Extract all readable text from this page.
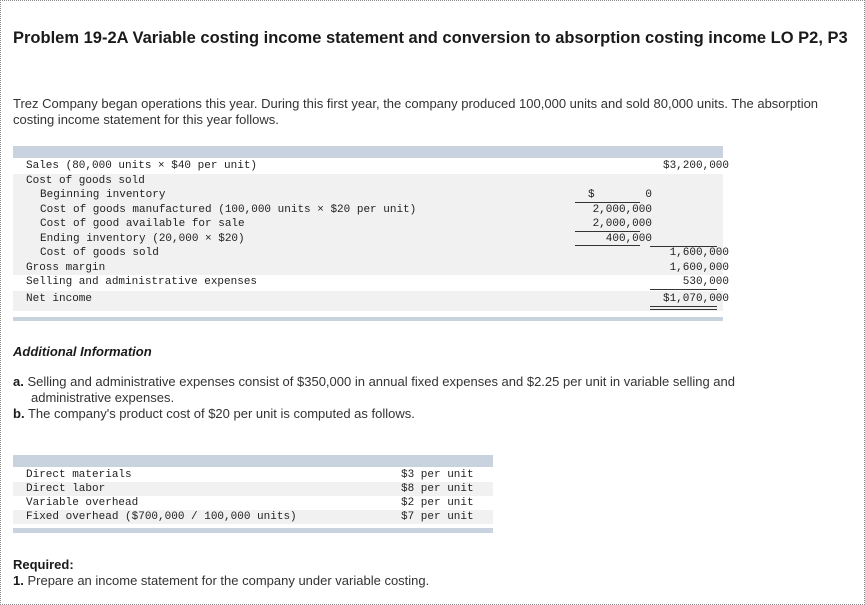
Problem 19-2A Variable costing income statement and conversion to absorption costing income LO P2, P3
Trez Company began operations this year. During this first year, the company produced 100,000 units and sold 80,000 units. The absorption costing income statement for this year follows.
Sales (80,000 units × $40 per unit)	$3,200,000
Cost of goods sold
Beginning inventory	$	0
Cost of goods manufactured (100,000 units × $20 per unit)	2,000,000
Cost of good available for sale	2,000,000
Ending inventory (20,000 × $20)	400,000
Cost of goods sold	1,600,000
Gross margin	1,600,000
Selling and administrative expenses	530,000
Net income	$1,070,000
Additional Information
a. Selling and administrative expenses consist of $350,000 in annual fixed expenses and $2.25 per unit in variable selling and
administrative expenses.
b. The company's product cost of $20 per unit is computed as follows.
Direct materials	$3 per unit
Direct labor	$8 per unit
Variable overhead	$2 per unit
Fixed overhead ($700,000 / 100,000 units)	$7 per unit
Required:
1. Prepare an income statement for the company under variable costing.
